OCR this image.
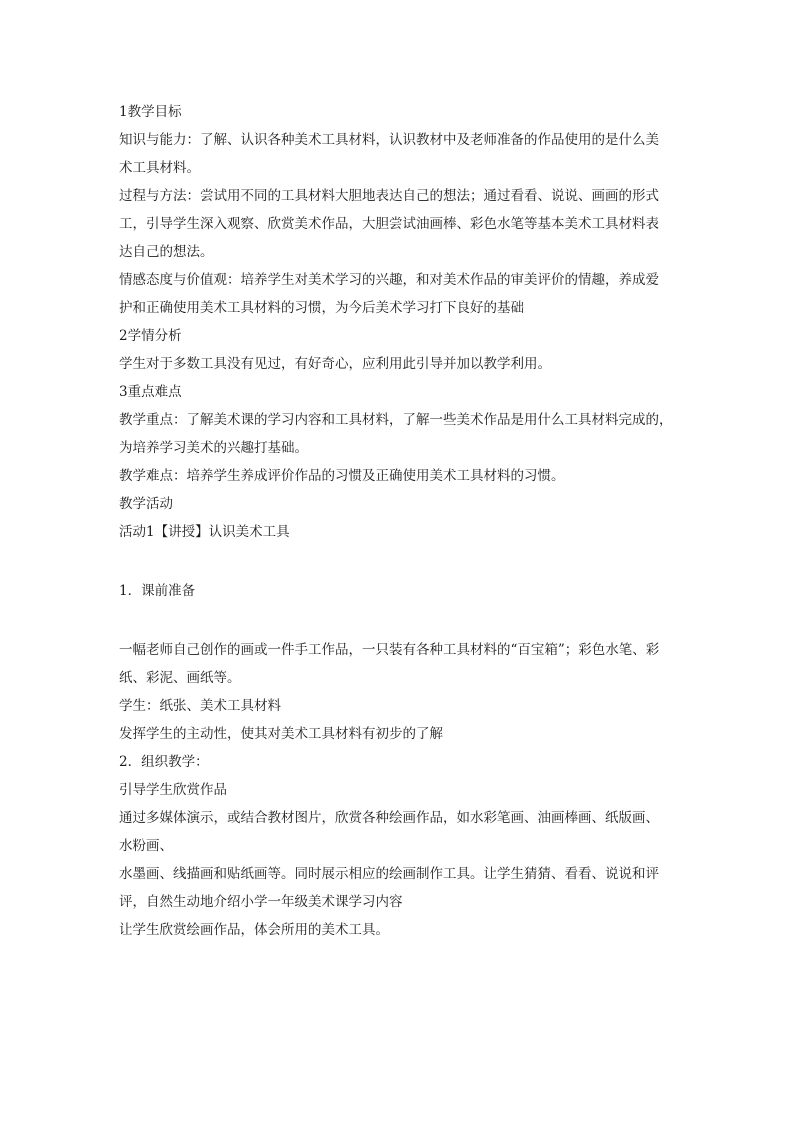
1教学目标
知识与能力：了解、认识各种美术工具材料，认识教材中及老师准备的作品使用的是什么美
术工具材料。
过程与方法：尝试用不同的工具材料大胆地表达自己的想法；通过看看、说说、画画的形式
工，引导学生深入观察、欣赏美术作品，大胆尝试油画棒、彩色水笔等基本美术工具材料表
达自己的想法。
情感态度与价值观：培养学生对美术学习的兴趣，和对美术作品的审美评价的情趣，养成爱
护和正确使用美术工具材料的习惯，为今后美术学习打下良好的基础
2学情分析
学生对于多数工具没有见过，有好奇心，应利用此引导并加以教学利用。
3重点难点
教学重点：了解美术课的学习内容和工具材料，了解一些美术作品是用什么工具材料完成的，
为培养学习美术的兴趣打基础。
教学难点：培养学生养成评价作品的习惯及正确使用美术工具材料的习惯。
教学活动
活动1【讲授】认识美术工具
1．课前准备
一幅老师自己创作的画或一件手工作品，一只装有各种工具材料的“百宝箱”；彩色水笔、彩
纸、彩泥、画纸等。
学生：纸张、美术工具材料
发挥学生的主动性，使其对美术工具材料有初步的了解
2．组织教学：
引导学生欣赏作品
通过多媒体演示，或结合教材图片，欣赏各种绘画作品，如水彩笔画、油画棒画、纸版画、
水粉画、
水墨画、线描画和贴纸画等。同时展示相应的绘画制作工具。让学生猜猜、看看、说说和评
评，自然生动地介绍小学一年级美术课学习内容
让学生欣赏绘画作品，体会所用的美术工具。
